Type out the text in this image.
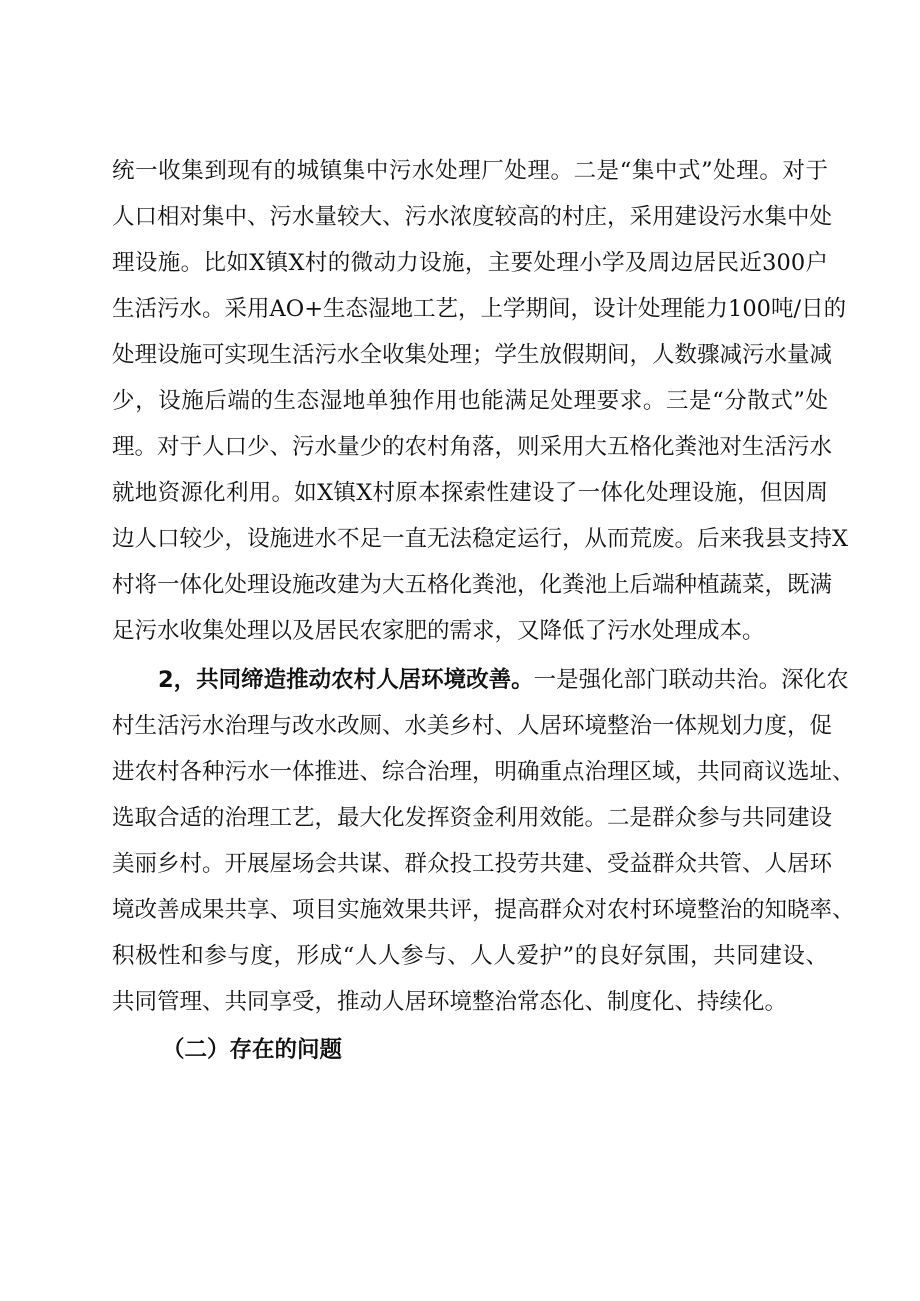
统一收集到现有的城镇集中污水处理厂处理。二是“集中式”处理。对于
人口相对集中、污水量较大、污水浓度较高的村庄，采用建设污水集中处
理设施。比如X镇X村的微动力设施，主要处理小学及周边居民近300户
生活污水。采用AO+生态湿地工艺，上学期间，设计处理能力100吨/日的
处理设施可实现生活污水全收集处理；学生放假期间，人数骤减污水量减
少，设施后端的生态湿地单独作用也能满足处理要求。三是“分散式”处
理。对于人口少、污水量少的农村角落，则采用大五格化粪池对生活污水
就地资源化利用。如X镇X村原本探索性建设了一体化处理设施，但因周
边人口较少，设施进水不足一直无法稳定运行，从而荒废。后来我县支持X
村将一体化处理设施改建为大五格化粪池，化粪池上后端种植蔬菜，既满
足污水收集处理以及居民农家肥的需求，又降低了污水处理成本。
2，共同缔造推动农村人居环境改善。一是强化部门联动共治。深化农
村生活污水治理与改水改厕、水美乡村、人居环境整治一体规划力度，促
进农村各种污水一体推进、综合治理，明确重点治理区域，共同商议选址、
选取合适的治理工艺，最大化发挥资金利用效能。二是群众参与共同建设
美丽乡村。开展屋场会共谋、群众投工投劳共建、受益群众共管、人居环
境改善成果共享、项目实施效果共评，提高群众对农村环境整治的知晓率、
积极性和参与度，形成“人人参与、人人爱护”的良好氛围，共同建设、
共同管理、共同享受，推动人居环境整治常态化、制度化、持续化。
（二）存在的问题
